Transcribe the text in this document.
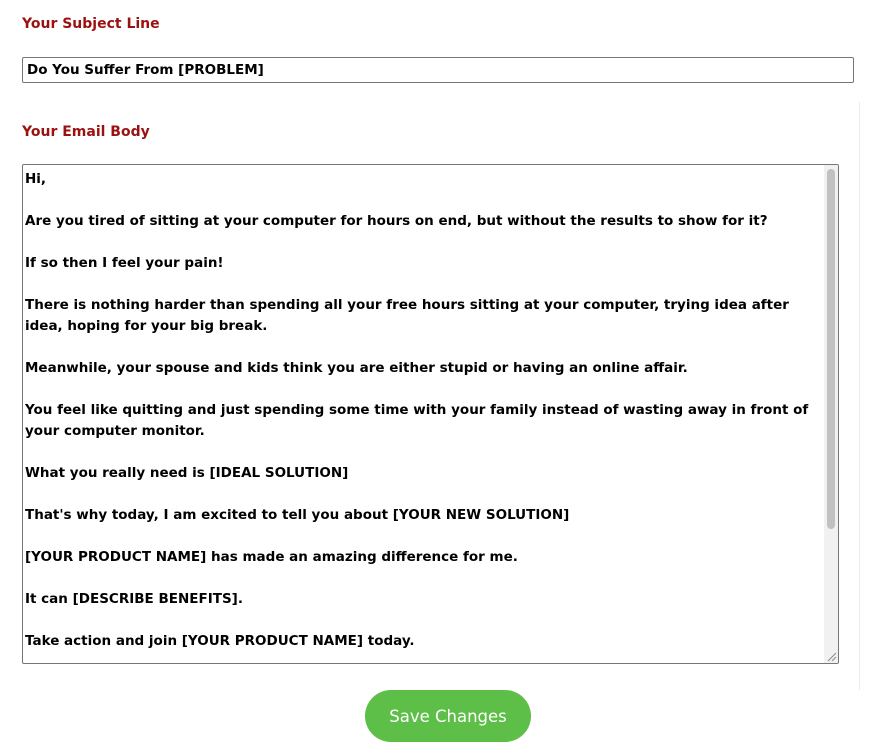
Your Subject Line
Do You Suffer From [PROBLEM]
Your Email Body
Hi,

Are you tired of sitting at your computer for hours on end, but without the results to show for it?

If so then I feel your pain!

There is nothing harder than spending all your free hours sitting at your computer, trying idea after idea, hoping for your big break.

Meanwhile, your spouse and kids think you are either stupid or having an online affair.

You feel like quitting and just spending some time with your family instead of wasting away in front of your computer monitor.

What you really need is [IDEAL SOLUTION]

That's why today, I am excited to tell you about [YOUR NEW SOLUTION]

[YOUR PRODUCT NAME] has made an amazing difference for me.

It can [DESCRIBE BENEFITS].

Take action and join [YOUR PRODUCT NAME] today.
Save Changes
